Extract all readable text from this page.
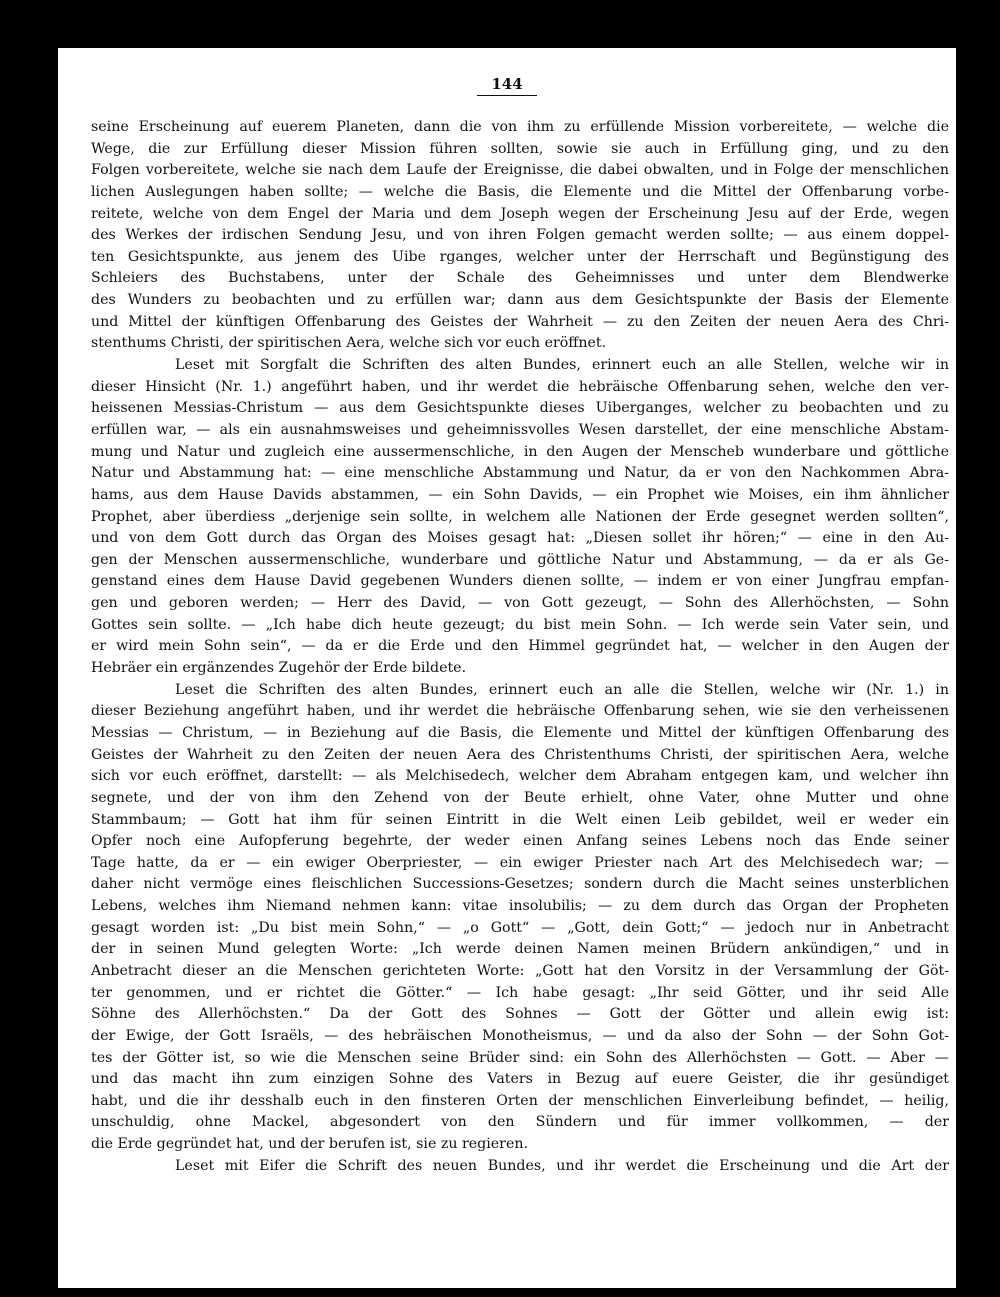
144
seine Erscheinung auf euerem Planeten, dann die von ihm zu erfüllende Mission vorbereitete, — welche die
Wege, die zur Erfüllung dieser Mission führen sollten, sowie sie auch in Erfüllung ging, und zu den
Folgen vorbereitete, welche sie nach dem Laufe der Ereignisse, die dabei obwalten, und in Folge der menschlichen
lichen Auslegungen haben sollte; — welche die Basis, die Elemente und die Mittel der Offenbarung vorbe-
reitete, welche von dem Engel der Maria und dem Joseph wegen der Erscheinung Jesu auf der Erde, wegen
des Werkes der irdischen Sendung Jesu, und von ihren Folgen gemacht werden sollte; — aus einem doppel-
ten Gesichtspunkte, aus jenem des Uibe rganges, welcher unter der Herrschaft und Begünstigung des
Schleiers des Buchstabens, unter der Schale des Geheimnisses und unter dem Blendwerke
des Wunders zu beobachten und zu erfüllen war; dann aus dem Gesichtspunkte der Basis der Elemente
und Mittel der künftigen Offenbarung des Geistes der Wahrheit — zu den Zeiten der neuen Aera des Chri-
stenthums Christi, der spiritischen Aera, welche sich vor euch eröffnet.
Leset mit Sorgfalt die Schriften des alten Bundes, erinnert euch an alle Stellen, welche wir in
dieser Hinsicht (Nr. 1.) angeführt haben, und ihr werdet die hebräische Offenbarung sehen, welche den ver-
heissenen Messias-Christum — aus dem Gesichtspunkte dieses Uiberganges, welcher zu beobachten und zu
erfüllen war, — als ein ausnahmsweises und geheimnissvolles Wesen darstellet, der eine menschliche Abstam-
mung und Natur und zugleich eine aussermenschliche, in den Augen der Menscheb wunderbare und göttliche
Natur und Abstammung hat: — eine menschliche Abstammung und Natur, da er von den Nachkommen Abra-
hams, aus dem Hause Davids abstammen, — ein Sohn Davids, — ein Prophet wie Moises, ein ihm ähnlicher
Prophet, aber überdiess „derjenige sein sollte, in welchem alle Nationen der Erde gesegnet werden sollten“,
und von dem Gott durch das Organ des Moises gesagt hat: „Diesen sollet ihr hören;“ — eine in den Au-
gen der Menschen aussermenschliche, wunderbare und göttliche Natur und Abstammung, — da er als Ge-
genstand eines dem Hause David gegebenen Wunders dienen sollte, — indem er von einer Jungfrau empfan-
gen und geboren werden; — Herr des David, — von Gott gezeugt, — Sohn des Allerhöchsten, — Sohn
Gottes sein sollte. — „Ich habe dich heute gezeugt; du bist mein Sohn. — Ich werde sein Vater sein, und
er wird mein Sohn sein“, — da er die Erde und den Himmel gegründet hat, — welcher in den Augen der
Hebräer ein ergänzendes Zugehör der Erde bildete.
Leset die Schriften des alten Bundes, erinnert euch an alle die Stellen, welche wir (Nr. 1.) in
dieser Beziehung angeführt haben, und ihr werdet die hebräische Offenbarung sehen, wie sie den verheissenen
Messias — Christum, — in Beziehung auf die Basis, die Elemente und Mittel der künftigen Offenbarung des
Geistes der Wahrheit zu den Zeiten der neuen Aera des Christenthums Christi, der spiritischen Aera, welche
sich vor euch eröffnet, darstellt: — als Melchisedech, welcher dem Abraham entgegen kam, und welcher ihn
segnete, und der von ihm den Zehend von der Beute erhielt, ohne Vater, ohne Mutter und ohne
Stammbaum; — Gott hat ihm für seinen Eintritt in die Welt einen Leib gebildet, weil er weder ein
Opfer noch eine Aufopferung begehrte, der weder einen Anfang seines Lebens noch das Ende seiner
Tage hatte, da er — ein ewiger Oberpriester, — ein ewiger Priester nach Art des Melchisedech war; —
daher nicht vermöge eines fleischlichen Successions-Gesetzes; sondern durch die Macht seines unsterblichen
Lebens, welches ihm Niemand nehmen kann: vitae insolubilis; — zu dem durch das Organ der Propheten
gesagt worden ist: „Du bist mein Sohn,“ — „o Gott“ — „Gott, dein Gott;“ — jedoch nur in Anbetracht
der in seinen Mund gelegten Worte: „Ich werde deinen Namen meinen Brüdern ankündigen,“ und in
Anbetracht dieser an die Menschen gerichteten Worte: „Gott hat den Vorsitz in der Versammlung der Göt-
ter genommen, und er richtet die Götter.“ — Ich habe gesagt: „Ihr seid Götter, und ihr seid Alle
Söhne des Allerhöchsten.“ Da der Gott des Sohnes — Gott der Götter und allein ewig ist:
der Ewige, der Gott Israëls, — des hebräischen Monotheismus, — und da also der Sohn — der Sohn Got-
tes der Götter ist, so wie die Menschen seine Brüder sind: ein Sohn des Allerhöchsten — Gott. — Aber —
und das macht ihn zum einzigen Sohne des Vaters in Bezug auf euere Geister, die ihr gesündiget
habt, und die ihr desshalb euch in den finsteren Orten der menschlichen Einverleibung befindet, — heilig,
unschuldig, ohne Mackel, abgesondert von den Sündern und für immer vollkommen, — der
die Erde gegründet hat, und der berufen ist, sie zu regieren.
Leset mit Eifer die Schrift des neuen Bundes, und ihr werdet die Erscheinung und die Art der
